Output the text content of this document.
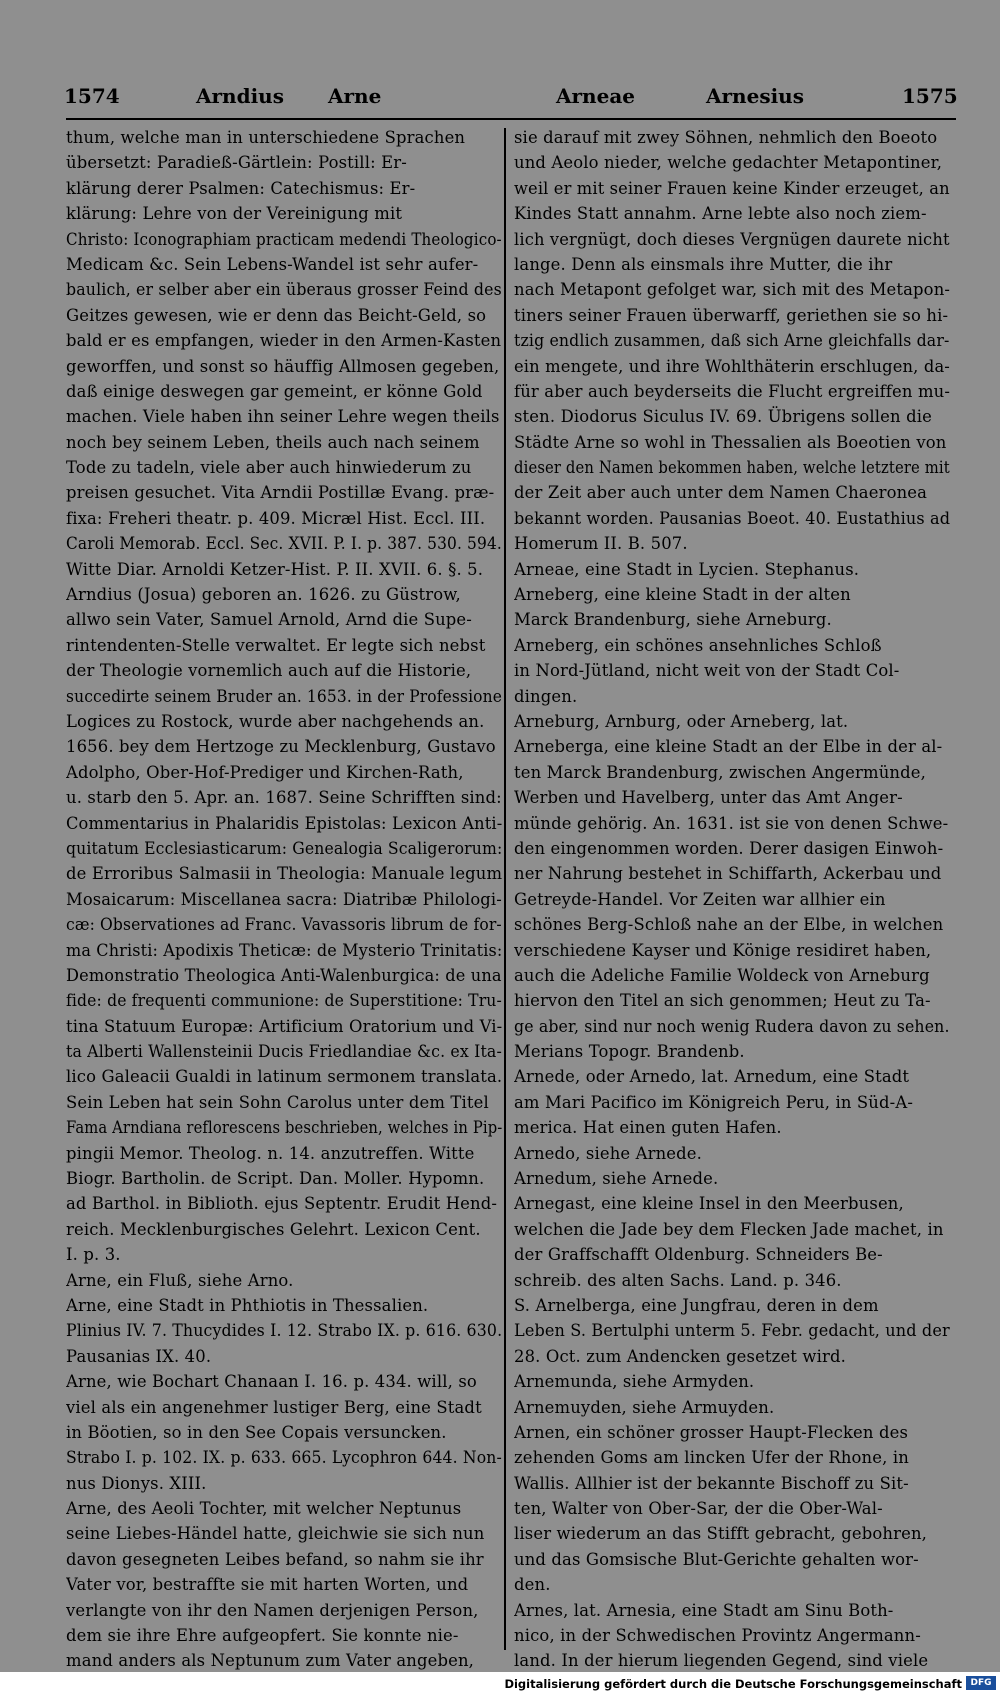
1574	Arndius Arne	Arneae	Arnesius	1575
thum, welche man in unterschiedene Sprachen
übersetzt: Paradieß-Gärtlein: Postill: Er-
klärung derer Psalmen: Catechismus: Er-
klärung: Lehre von der Vereinigung mit
Christo: Iconographiam practicam medendi Theologico-
Medicam &c. Sein Lebens-Wandel ist sehr aufer-
baulich, er selber aber ein überaus grosser Feind des
Geitzes gewesen, wie er denn das Beicht-Geld, so
bald er es empfangen, wieder in den Armen-Kasten
geworffen, und sonst so häuffig Allmosen gegeben,
daß einige deswegen gar gemeint, er könne Gold
machen. Viele haben ihn seiner Lehre wegen theils
noch bey seinem Leben, theils auch nach seinem
Tode zu tadeln, viele aber auch hinwiederum zu
preisen gesuchet. Vita Arndii Postillæ Evang. præ-
fixa: Freheri theatr. p. 409. Micræl Hist. Eccl. III.
Caroli Memorab. Eccl. Sec. XVII. P. I. p. 387. 530. 594.
Witte Diar. Arnoldi Ketzer-Hist. P. II. XVII. 6. §. 5.
Arndius (Josua) geboren an. 1626. zu Güstrow,
allwo sein Vater, Samuel Arnold, Arnd die Supe-
rintendenten-Stelle verwaltet. Er legte sich nebst
der Theologie vornemlich auch auf die Historie,
succedirte seinem Bruder an. 1653. in der Professione
Logices zu Rostock, wurde aber nachgehends an.
1656. bey dem Hertzoge zu Mecklenburg, Gustavo
Adolpho, Ober-Hof-Prediger und Kirchen-Rath,
u. starb den 5. Apr. an. 1687. Seine Schrifften sind:
Commentarius in Phalaridis Epistolas: Lexicon Anti-
quitatum Ecclesiasticarum: Genealogia Scaligerorum:
de Erroribus Salmasii in Theologia: Manuale legum
Mosaicarum: Miscellanea sacra: Diatribæ Philologi-
cæ: Observationes ad Franc. Vavassoris librum de for-
ma Christi: Apodixis Theticæ: de Mysterio Trinitatis:
Demonstratio Theologica Anti-Walenburgica: de una
fide: de frequenti communione: de Superstitione: Tru-
tina Statuum Europæ: Artificium Oratorium und Vi-
ta Alberti Wallensteinii Ducis Friedlandiae &c. ex Ita-
lico Galeacii Gualdi in latinum sermonem translata.
Sein Leben hat sein Sohn Carolus unter dem Titel
Fama Arndiana reflorescens beschrieben, welches in Pip-
pingii Memor. Theolog. n. 14. anzutreffen. Witte
Biogr. Bartholin. de Script. Dan. Moller. Hypomn.
ad Barthol. in Biblioth. ejus Septentr. Erudit Hend-
reich. Mecklenburgisches Gelehrt. Lexicon Cent.
I. p. 3.
Arne, ein Fluß, siehe Arno.
Arne, eine Stadt in Phthiotis in Thessalien.
Plinius IV. 7. Thucydides I. 12. Strabo IX. p. 616. 630.
Pausanias IX. 40.
Arne, wie Bochart Chanaan I. 16. p. 434. will, so
viel als ein angenehmer lustiger Berg, eine Stadt
in Böotien, so in den See Copais versuncken.
Strabo I. p. 102. IX. p. 633. 665. Lycophron 644. Non-
nus Dionys. XIII.
Arne, des Aeoli Tochter, mit welcher Neptunus
seine Liebes-Händel hatte, gleichwie sie sich nun
davon gesegneten Leibes befand, so nahm sie ihr
Vater vor, bestraffte sie mit harten Worten, und
verlangte von ihr den Namen derjenigen Person,
dem sie ihre Ehre aufgeopfert. Sie konnte nie-
mand anders als Neptunum zum Vater angeben,
sie darauf mit zwey Söhnen, nehmlich den Boeoto
und Aeolo nieder, welche gedachter Metapontiner,
weil er mit seiner Frauen keine Kinder erzeuget, an
Kindes Statt annahm. Arne lebte also noch ziem-
lich vergnügt, doch dieses Vergnügen daurete nicht
lange. Denn als einsmals ihre Mutter, die ihr
nach Metapont gefolget war, sich mit des Metapon-
tiners seiner Frauen überwarff, geriethen sie so hi-
tzig endlich zusammen, daß sich Arne gleichfalls dar-
ein mengete, und ihre Wohlthäterin erschlugen, da-
für aber auch beyderseits die Flucht ergreiffen mu-
sten. Diodorus Siculus IV. 69. Übrigens sollen die
Städte Arne so wohl in Thessalien als Boeotien von
dieser den Namen bekommen haben, welche letztere mit
der Zeit aber auch unter dem Namen Chaeronea
bekannt worden. Pausanias Boeot. 40. Eustathius ad
Homerum II. B. 507.
Arneae, eine Stadt in Lycien. Stephanus.
Arneberg, eine kleine Stadt in der alten
Marck Brandenburg, siehe Arneburg.
Arneberg, ein schönes ansehnliches Schloß
in Nord-Jütland, nicht weit von der Stadt Col-
dingen.
Arneburg, Arnburg, oder Arneberg, lat.
Arneberga, eine kleine Stadt an der Elbe in der al-
ten Marck Brandenburg, zwischen Angermünde,
Werben und Havelberg, unter das Amt Anger-
münde gehörig. An. 1631. ist sie von denen Schwe-
den eingenommen worden. Derer dasigen Einwoh-
ner Nahrung bestehet in Schiffarth, Ackerbau und
Getreyde-Handel. Vor Zeiten war allhier ein
schönes Berg-Schloß nahe an der Elbe, in welchen
verschiedene Kayser und Könige residiret haben,
auch die Adeliche Familie Woldeck von Arneburg
hiervon den Titel an sich genommen; Heut zu Ta-
ge aber, sind nur noch wenig Rudera davon zu sehen.
Merians Topogr. Brandenb.
Arnede, oder Arnedo, lat. Arnedum, eine Stadt
am Mari Pacifico im Königreich Peru, in Süd-A-
merica. Hat einen guten Hafen.
Arnedo, siehe Arnede.
Arnedum, siehe Arnede.
Arnegast, eine kleine Insel in den Meerbusen,
welchen die Jade bey dem Flecken Jade machet, in
der Graffschafft Oldenburg. Schneiders Be-
schreib. des alten Sachs. Land. p. 346.
S. Arnelberga, eine Jungfrau, deren in dem
Leben S. Bertulphi unterm 5. Febr. gedacht, und der
28. Oct. zum Andencken gesetzet wird.
Arnemunda, siehe Armyden.
Arnemuyden, siehe Armuyden.
Arnen, ein schöner grosser Haupt-Flecken des
zehenden Goms am lincken Ufer der Rhone, in
Wallis. Allhier ist der bekannte Bischoff zu Sit-
ten, Walter von Ober-Sar, der die Ober-Wal-
liser wiederum an das Stifft gebracht, gebohren,
und das Gomsische Blut-Gerichte gehalten wor-
den.
Arnes, lat. Arnesia, eine Stadt am Sinu Both-
nico, in der Schwedischen Provintz Angermann-
land. In der hierum liegenden Gegend, sind viele
Digitalisierung gefördert durch die Deutsche Forschungsgemeinschaft DFG
